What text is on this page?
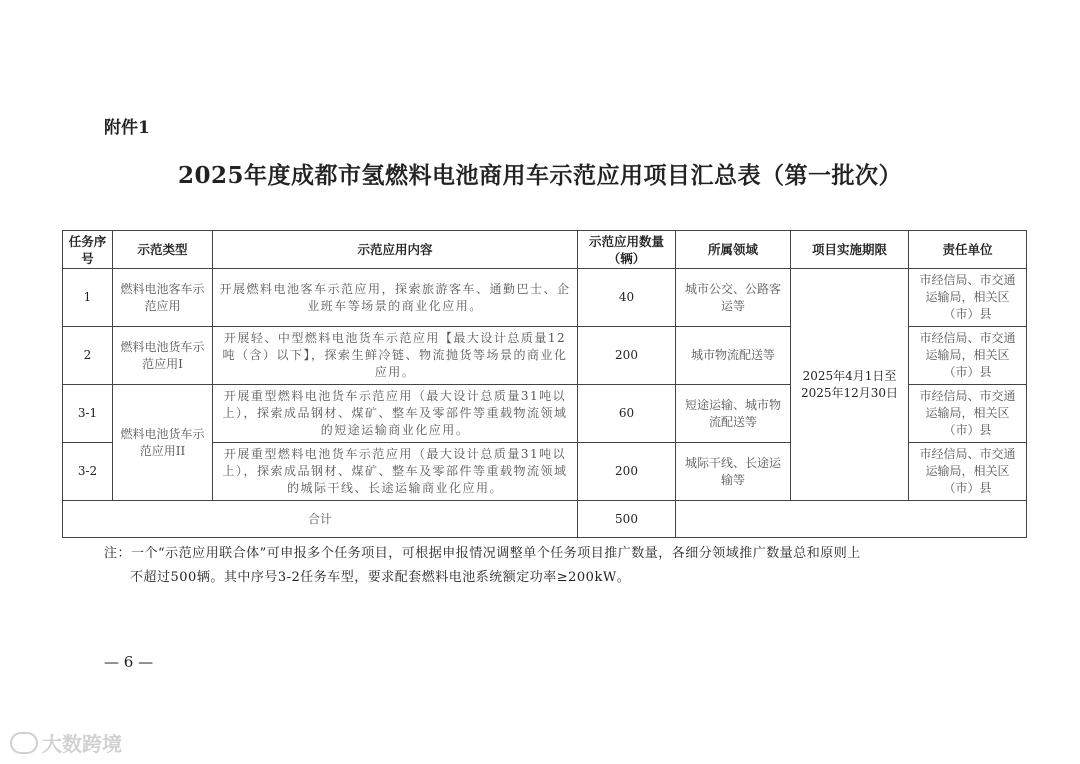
附件1
2025年度成都市氢燃料电池商用车示范应用项目汇总表（第一批次）
任务序号	示范类型	示范应用内容	示范应用数量（辆）	所属领域	项目实施期限	责任单位
1	燃料电池客车示范应用	开展燃料电池客车示范应用，探索旅游客车、通勤巴士、企业班车等场景的商业化应用。	40	城市公交、公路客运等	2025年4月1日至2025年12月30日	市经信局、市交通运输局，相关区（市）县
2	燃料电池货车示范应用I	开展轻、中型燃料电池货车示范应用【最大设计总质量12吨（含）以下】，探索生鲜冷链、物流抛货等场景的商业化应用。	200	城市物流配送等		市经信局、市交通运输局，相关区（市）县
3-1	燃料电池货车示范应用II	开展重型燃料电池货车示范应用（最大设计总质量31吨以上），探索成品钢材、煤矿、整车及零部件等重载物流领域的短途运输商业化应用。	60	短途运输、城市物流配送等		市经信局、市交通运输局，相关区（市）县
3-2		开展重型燃料电池货车示范应用（最大设计总质量31吨以上），探索成品钢材、煤矿、整车及零部件等重载物流领域的城际干线、长途运输商业化应用。	200	城际干线、长途运输等		市经信局、市交通运输局，相关区（市）县
合计			500			
注：一个“示范应用联合体”可申报多个任务项目，可根据申报情况调整单个任务项目推广数量，各细分领域推广数量总和原则上
不超过500辆。其中序号3-2任务车型，要求配套燃料电池系统额定功率≥200kW。
— 6 —
大数跨境
